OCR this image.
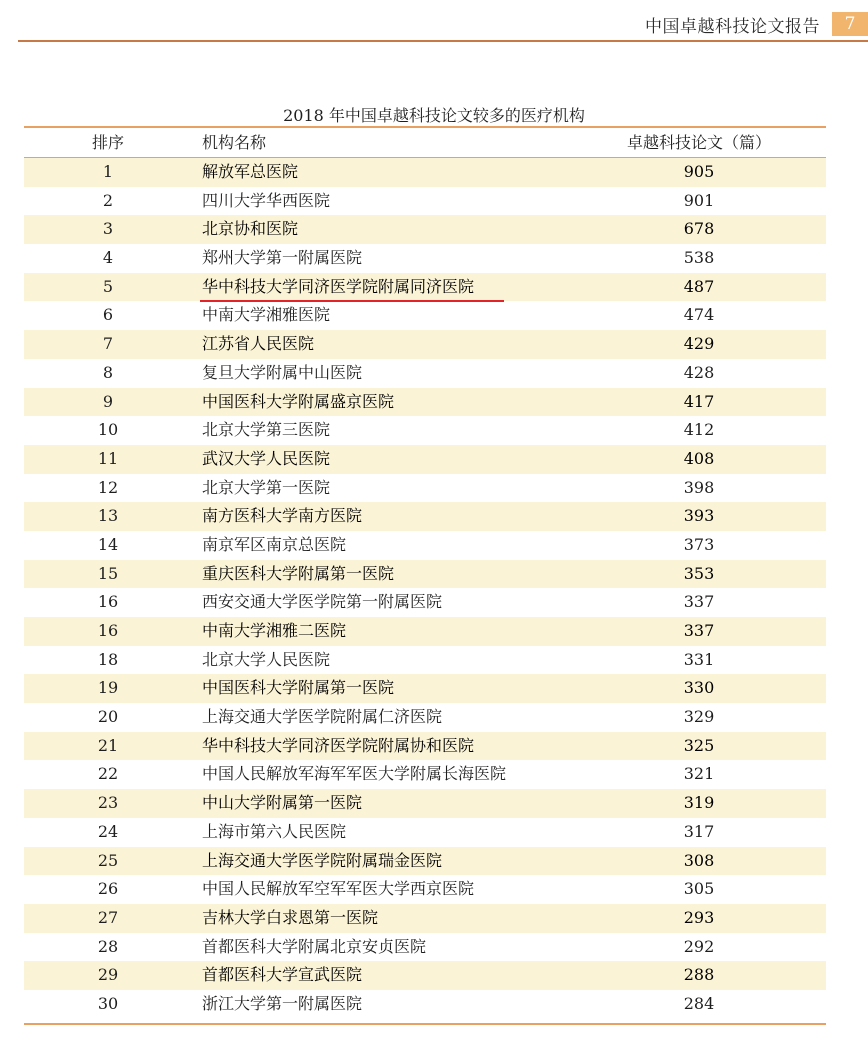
中国卓越科技论文报告	7
2018 年中国卓越科技论文较多的医疗机构
排序	机构名称	卓越科技论文（篇）
1	解放军总医院	905
2	四川大学华西医院	901
3	北京协和医院	678
4	郑州大学第一附属医院	538
5	华中科技大学同济医学院附属同济医院	487
6	中南大学湘雅医院	474
7	江苏省人民医院	429
8	复旦大学附属中山医院	428
9	中国医科大学附属盛京医院	417
10	北京大学第三医院	412
11	武汉大学人民医院	408
12	北京大学第一医院	398
13	南方医科大学南方医院	393
14	南京军区南京总医院	373
15	重庆医科大学附属第一医院	353
16	西安交通大学医学院第一附属医院	337
16	中南大学湘雅二医院	337
18	北京大学人民医院	331
19	中国医科大学附属第一医院	330
20	上海交通大学医学院附属仁济医院	329
21	华中科技大学同济医学院附属协和医院	325
22	中国人民解放军海军军医大学附属长海医院	321
23	中山大学附属第一医院	319
24	上海市第六人民医院	317
25	上海交通大学医学院附属瑞金医院	308
26	中国人民解放军空军军医大学西京医院	305
27	吉林大学白求恩第一医院	293
28	首都医科大学附属北京安贞医院	292
29	首都医科大学宣武医院	288
30	浙江大学第一附属医院	284
